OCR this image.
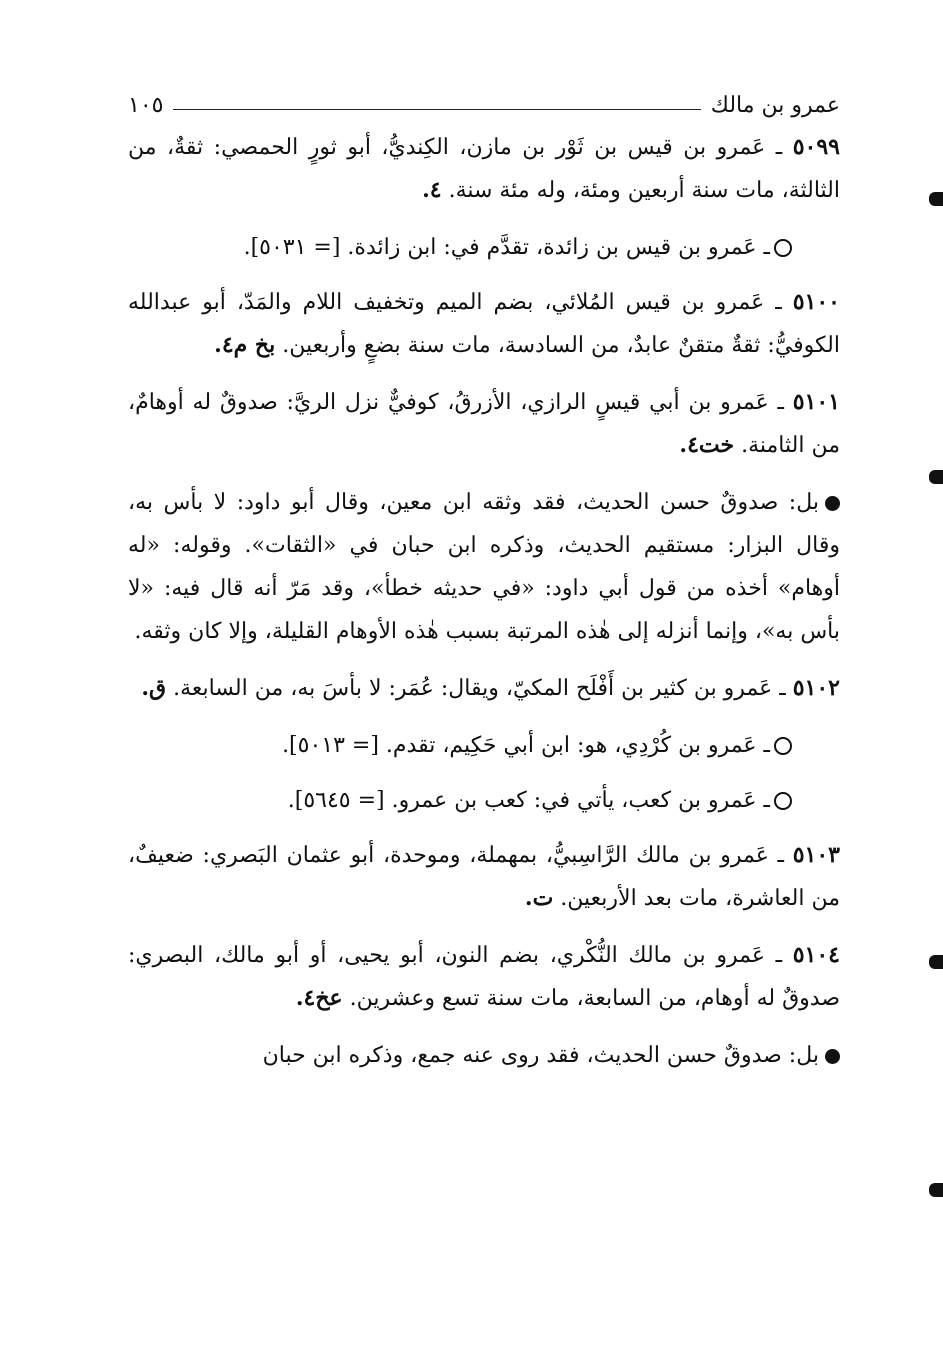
عمرو بن مالك
١٠٥

٥٠٩٩ ـ عَمرو بن قيس بن ثَوْر بن مازن، الكِنديُّ، أبو ثورٍ الحمصي: ثقةٌ، من الثالثة، مات سنة أربعين ومئة، وله مئة سنة. ٤.

ـ عَمرو بن قيس بن زائدة، تقدَّم في: ابن زائدة. [= ٥٠٣١].

٥١٠٠ ـ عَمرو بن قيس المُلائي، بضم الميم وتخفيف اللام والمَدّ، أبو عبدالله الكوفيُّ: ثقةٌ متقنٌ عابدٌ، من السادسة، مات سنة بضعٍ وأربعين. بخ م٤.

٥١٠١ ـ عَمرو بن أبي قيسٍ الرازي، الأزرقُ، كوفيٌّ نزل الريَّ: صدوقٌ له أوهامٌ، من الثامنة. خت٤.

بل: صدوقٌ حسن الحديث، فقد وثقه ابن معين، وقال أبو داود: لا بأس به، وقال البزار: مستقيم الحديث، وذكره ابن حبان في «الثقات». وقوله: «له أوهام» أخذه من قول أبي داود: «في حديثه خطأ»، وقد مَرّ أنه قال فيه: «لا بأس به»، وإنما أنزله إلى هٰذه المرتبة بسبب هٰذه الأوهام القليلة، وإلا كان وثقه.

٥١٠٢ ـ عَمرو بن كثير بن أَفْلَح المكيّ، ويقال: عُمَر: لا بأسَ به، من السابعة. ق.

ـ عَمرو بن كُرْدِي، هو: ابن أبي حَكِيم، تقدم. [= ٥٠١٣].

ـ عَمرو بن كعب، يأتي في: كعب بن عمرو. [= ٥٦٤٥].

٥١٠٣ ـ عَمرو بن مالك الرَّاسِبيُّ، بمهملة، وموحدة، أبو عثمان البَصري: ضعيفٌ، من العاشرة، مات بعد الأربعين. ت.

٥١٠٤ ـ عَمرو بن مالك النُّكْري، بضم النون، أبو يحيى، أو أبو مالك، البصري: صدوقٌ له أوهام، من السابعة، مات سنة تسع وعشرين. عخ٤.

بل: صدوقٌ حسن الحديث، فقد روى عنه جمع، وذكره ابن حبان
